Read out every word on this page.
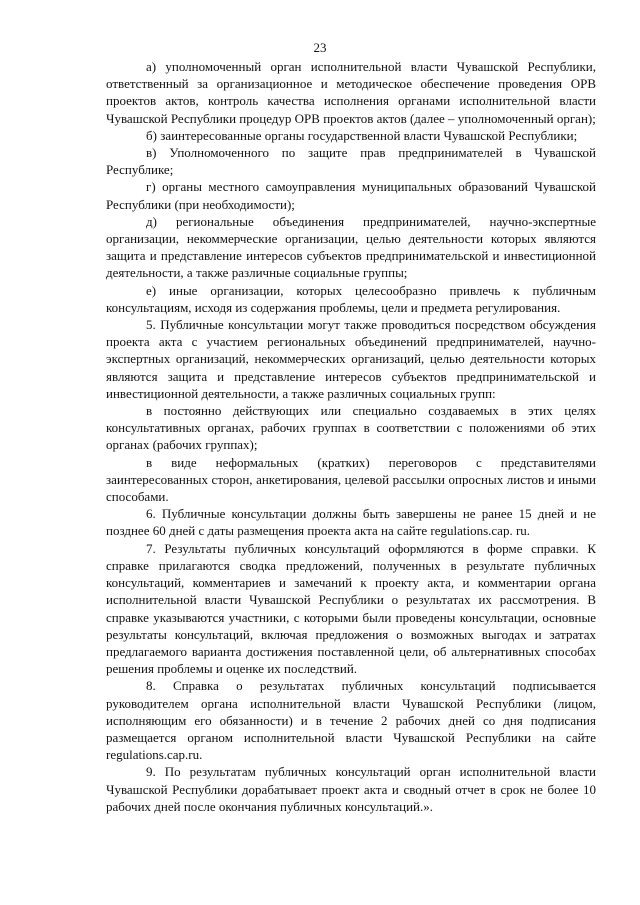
23

а) уполномоченный орган исполнительной власти Чувашской Республики, ответственный за организационное и методическое обеспечение проведения ОРВ проектов актов, контроль качества исполнения органами исполнительной власти Чувашской Республики процедур ОРВ проектов актов (далее – уполномоченный орган);

б) заинтересованные органы государственной власти Чувашской Республики;

в) Уполномоченного по защите прав предпринимателей в Чувашской Республике;

г) органы местного самоуправления муниципальных образований Чувашской Республики (при необходимости);

д) региональные объединения предпринимателей, научно-экспертные организации, некоммерческие организации, целью деятельности которых являются защита и представление интересов субъектов предпринимательской и инвестиционной деятельности, а также различные социальные группы;

е) иные организации, которых целесообразно привлечь к публичным консультациям, исходя из содержания проблемы, цели и предмета регулирования.

5. Публичные консультации могут также проводиться посредством обсуждения проекта акта с участием региональных объединений предпринимателей, научно-экспертных организаций, некоммерческих организаций, целью деятельности которых являются защита и представление интересов субъектов предпринимательской и инвестиционной деятельности, а также различных социальных групп:

в постоянно действующих или специально создаваемых в этих целях консультативных органах, рабочих группах в соответствии с положениями об этих органах (рабочих группах);

в виде неформальных (кратких) переговоров с представителями заинтересованных сторон, анкетирования, целевой рассылки опросных листов и иными способами.

6. Публичные консультации должны быть завершены не ранее 15 дней и не позднее 60 дней с даты размещения проекта акта на сайте regulations.cap. ru.

7. Результаты публичных консультаций оформляются в форме справки. К справке прилагаются сводка предложений, полученных в результате публичных консультаций, комментариев и замечаний к проекту акта, и комментарии органа исполнительной власти Чувашской Республики о результатах их рассмотрения. В справке указываются участники, с которыми были проведены консультации, основные результаты консультаций, включая предложения о возможных выгодах и затратах предлагаемого варианта достижения поставленной цели, об альтернативных способах решения проблемы и оценке их последствий.

8. Справка о результатах публичных консультаций подписывается руководителем органа исполнительной власти Чувашской Республики (лицом, исполняющим его обязанности) и в течение 2 рабочих дней со дня подписания размещается органом исполнительной власти Чувашской Республики на сайте regulations.cap.ru.

9. По результатам публичных консультаций орган исполнительной власти Чувашской Республики дорабатывает проект акта и сводный отчет в срок не более 10 рабочих дней после окончания публичных консультаций.».
